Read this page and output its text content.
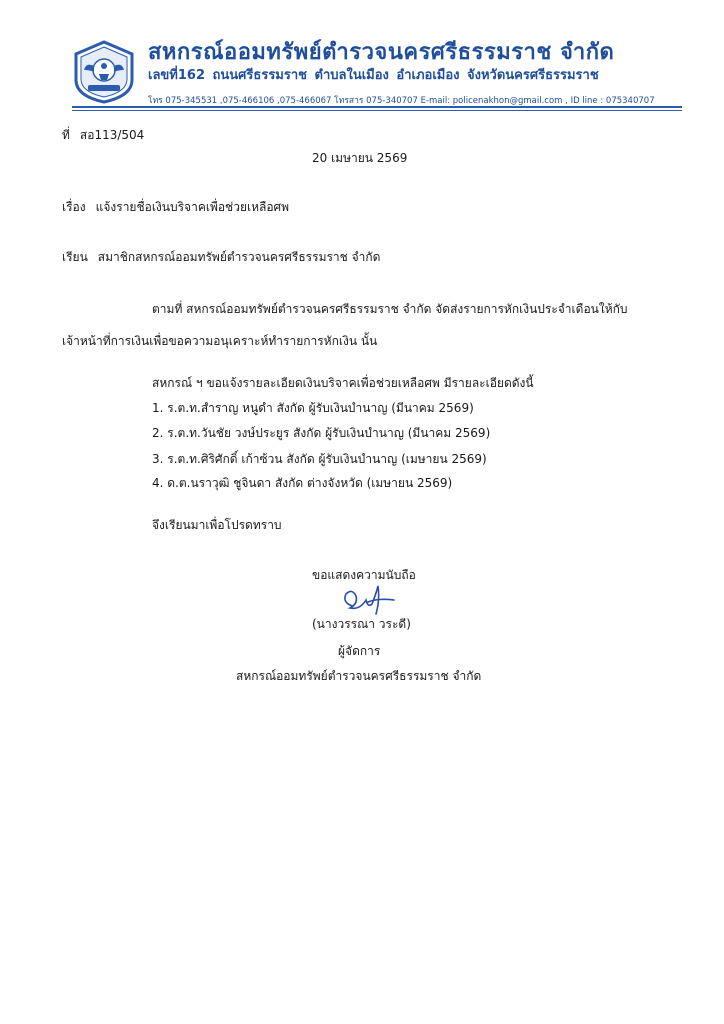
สหกรณ์ออมทรัพย์ตำรวจนครศรีธรรมราช จำกัด
เลขที่162 ถนนศรีธรรมราช ตำบลในเมือง อำเภอเมือง จังหวัดนครศรีธรรมราช
โทร 075-345531 ,075-466106 ,075-466067 โทรสาร 075-340707 E-mail: policenakhon@gmail.com , ID line : 075340707
ที่ สอ113/504
20 เมษายน 2569
เรื่อง แจ้งรายชื่อเงินบริจาคเพื่อช่วยเหลือศพ
เรียน สมาชิกสหกรณ์ออมทรัพย์ตำรวจนครศรีธรรมราช จำกัด
ตามที่ สหกรณ์ออมทรัพย์ตำรวจนครศรีธรรมราช จำกัด จัดส่งรายการหักเงินประจำเดือนให้กับ
เจ้าหน้าที่การเงินเพื่อขอความอนุเคราะห์ทำรายการหักเงิน นั้น
สหกรณ์ ฯ ขอแจ้งรายละเอียดเงินบริจาคเพื่อช่วยเหลือศพ มีรายละเอียดดังนี้
1. ร.ต.ท.สำราญ หนูดำ สังกัด ผู้รับเงินบำนาญ (มีนาคม 2569)
2. ร.ต.ท.วันชัย วงษ์ประยูร สังกัด ผู้รับเงินบำนาญ (มีนาคม 2569)
3. ร.ต.ท.ศิริศักดิ์ เก้าซ้วน สังกัด ผู้รับเงินบำนาญ (เมษายน 2569)
4. ด.ต.นราวุฒิ ชูจินดา สังกัด ต่างจังหวัด (เมษายน 2569)
จึงเรียนมาเพื่อโปรดทราบ
ขอแสดงความนับถือ
(นางวรรณา วระดี)
ผู้จัดการ
สหกรณ์ออมทรัพย์ตำรวจนครศรีธรรมราช จำกัด
